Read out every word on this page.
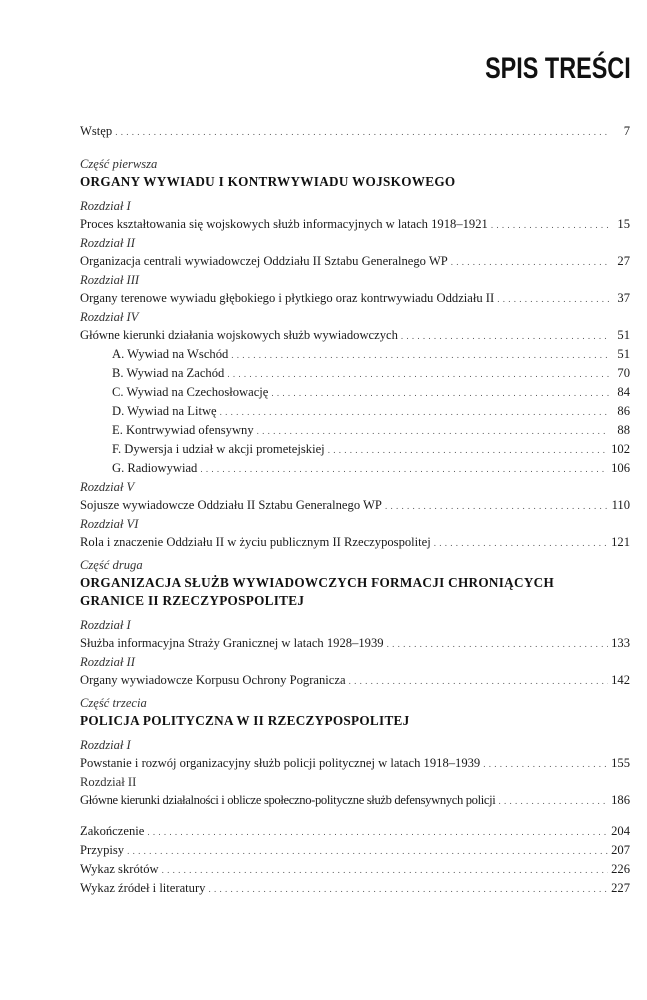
SPIS TREŚCI
Wstęp . . .	7
Część pierwsza
ORGANY WYWIADU I KONTRWYWIADU WOJSKOWEGO
Rozdział I
Proces kształtowania się wojskowych służb informacyjnych w latach 1918–1921 . . .	15
Rozdział II
Organizacja centrali wywiadowczej Oddziału II Sztabu Generalnego WP . . .	27
Rozdział III
Organy terenowe wywiadu głębokiego i płytkiego oraz kontrwywiadu Oddziału II . . .	37
Rozdział IV
Główne kierunki działania wojskowych służb wywiadowczych . . .	51
A. Wywiad na Wschód . . .	51
B. Wywiad na Zachód . . .	70
C. Wywiad na Czechosłowację . . .	84
D. Wywiad na Litwę . . .	86
E. Kontrwywiad ofensywny . . .	88
F. Dywersja i udział w akcji prometejskiej . . .	102
G. Radiowywiad . . .	106
Rozdział V
Sojusze wywiadowcze Oddziału II Sztabu Generalnego WP . . .	110
Rozdział VI
Rola i znaczenie Oddziału II w życiu publicznym II Rzeczypospolitej . . .	121
Część druga
ORGANIZACJA SŁUŻB WYWIADOWCZYCH FORMACJI CHRONIĄCYCH
GRANICE II RZECZYPOSPOLITEJ
Rozdział I
Służba informacyjna Straży Granicznej w latach 1928–1939 . . .	133
Rozdział II
Organy wywiadowcze Korpusu Ochrony Pogranicza . . .	142
Część trzecia
POLICJA POLITYCZNA W II RZECZYPOSPOLITEJ
Rozdział I
Powstanie i rozwój organizacyjny służb policji politycznej w latach 1918–1939 . . .	155
Rozdział II
Główne kierunki działalności i oblicze społeczno-polityczne służb defensywnych policji . . .	186
Zakończenie . . .	204
Przypisy . . .	207
Wykaz skrótów . . .	226
Wykaz źródeł i literatury . . .	227
